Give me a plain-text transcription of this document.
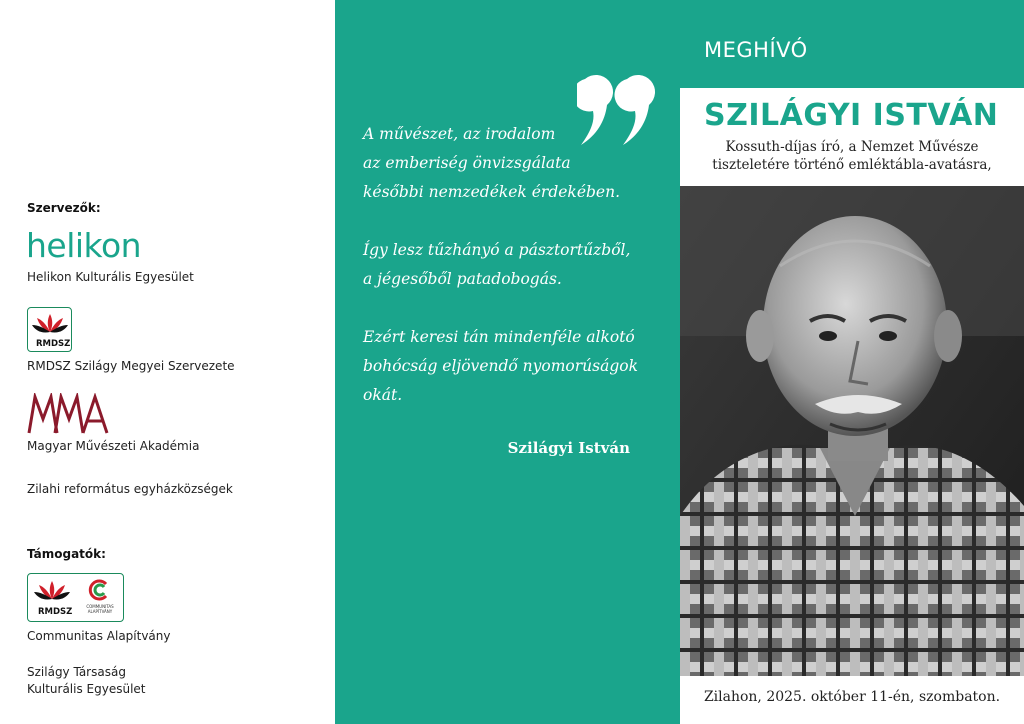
Szervezők:
helikon
Helikon Kulturális Egyesület
RMDSZ
RMDSZ Szilágy Megyei Szervezete
MMA
Magyar Művészeti Akadémia
Zilahi református egyházközségek
Támogatók:
RMDSZ
COMMUNITAS ALAPÍTVÁNY
Communitas Alapítvány
Szilágy Társaság
Kulturális Egyesület

A művészet, az irodalom
az emberiség önvizsgálata
későbbi nemzedékek érdekében.

Így lesz tűzhányó a pásztortűzből,
a jégesőből patadobogás.

Ezért keresi tán mindenféle alkotó
bohócság eljövendő nyomorúságok
okát.

Szilágyi István
MEGHÍVÓ
SZILÁGYI ISTVÁN
Kossuth-díjas író, a Nemzet Művésze
tiszteletére történő emléktábla-avatásra,
Zilahon, 2025. október 11-én, szombaton.
